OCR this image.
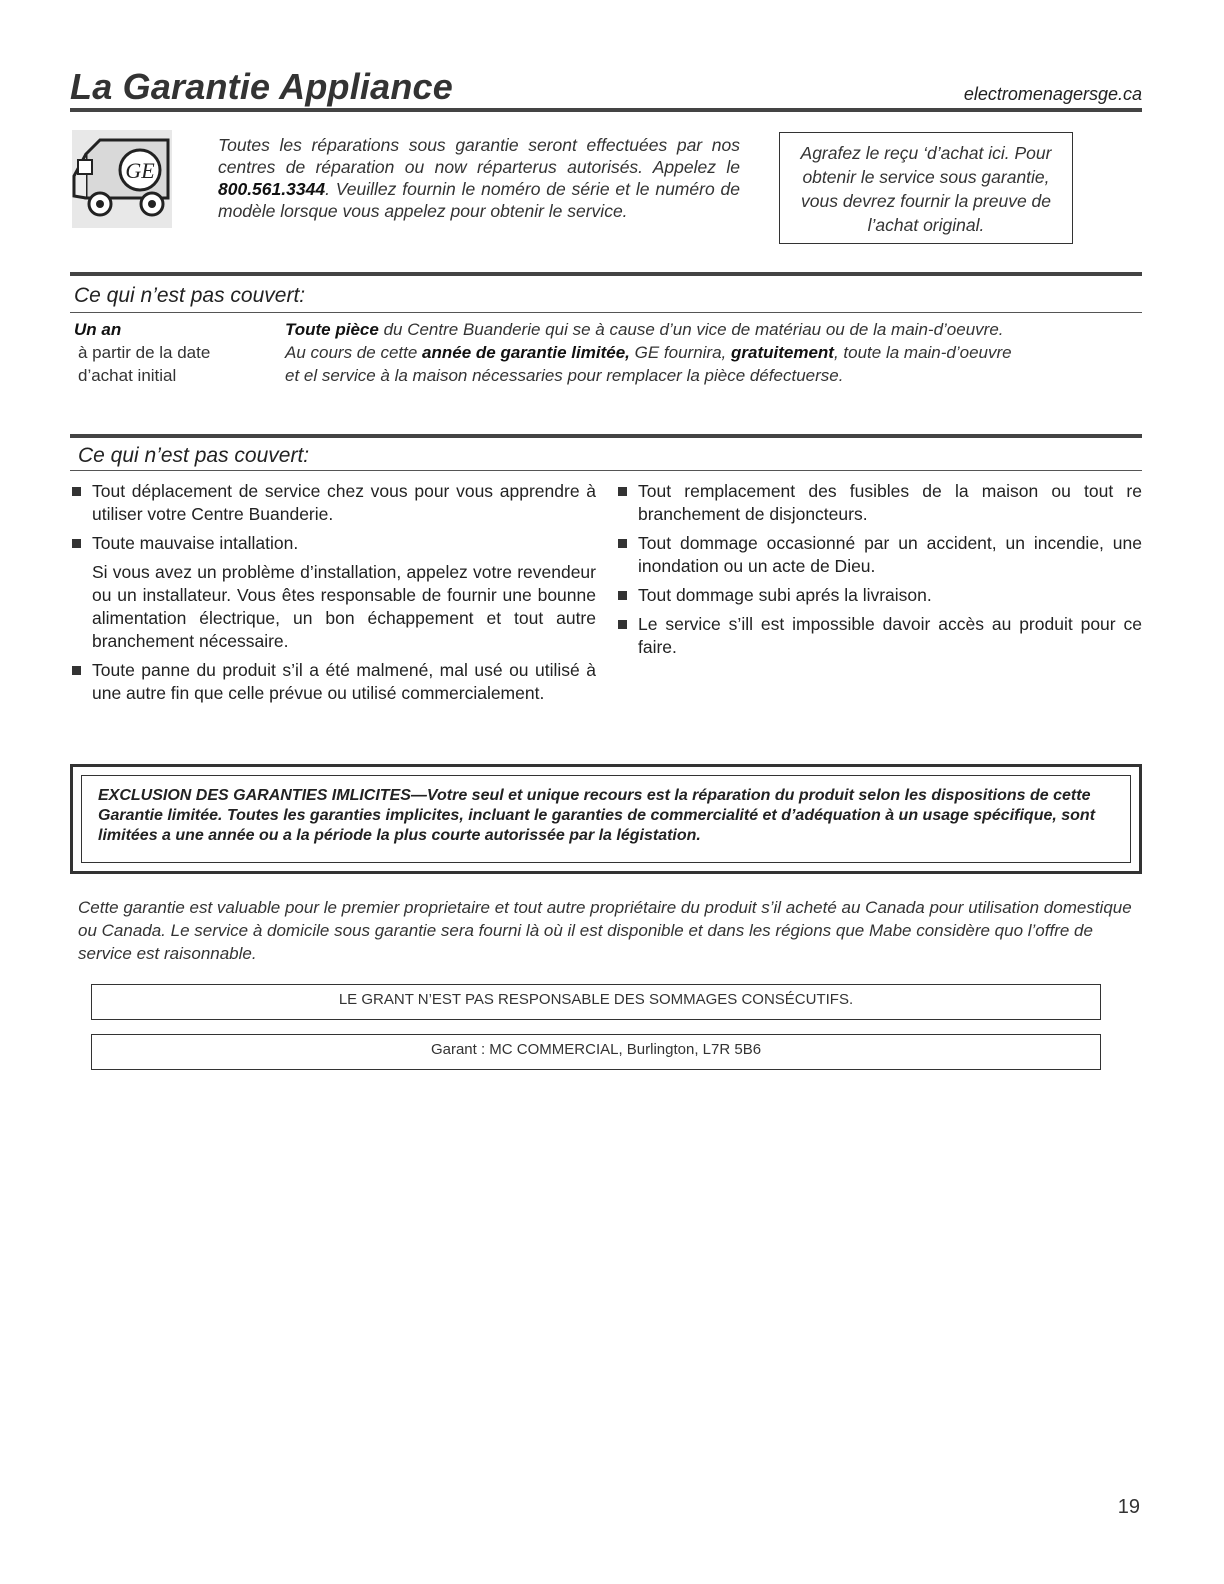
La Garantie Appliance	electromenagersge.ca
GE
Toutes les réparations sous garantie seront effectuées par nos centres de réparation ou now réparterus autorisés. Appelez le 800.561.3344. Veuillez fournin le noméro de série et le numéro de modèle lorsque vous appelez pour obtenir le service.
Agrafez le reçu ‘d’achat ici. Pour obtenir le service sous garantie, vous devrez fournir la preuve de l’achat original.
Ce qui n’est pas couvert:
Un an
à partir de la date
d’achat initial
Toute pièce du Centre Buanderie qui se à cause d’un vice de matériau ou de la main-d’oeuvre.
Au cours de cette année de garantie limitée, GE fournira, gratuitement, toute la main-d’oeuvre
et el service à la maison nécessaries pour remplacer la pièce défectuerse.
Ce qui n’est pas couvert:
Tout déplacement de service chez vous pour vous apprendre à utiliser votre Centre Buanderie.
Toute mauvaise intallation.
Si vous avez un problème d’installation, appelez votre revendeur ou un installateur. Vous êtes responsable de fournir une bounne alimentation électrique, un bon échappement et tout autre branchement nécessaire.
Toute panne du produit s’il a été malmené, mal usé ou utilisé à une autre fin que celle prévue ou utilisé commercialement.
Tout remplacement des fusibles de la maison ou tout re branchement de disjoncteurs.
Tout dommage occasionné par un accident, un incendie, une inondation ou un acte de Dieu.
Tout dommage subi aprés la livraison.
Le service s’ill est impossible davoir accès au produit pour ce faire.
EXCLUSION DES GARANTIES IMLICITES—Votre seul et unique recours est la réparation du produit selon les dispositions de cette Garantie limitée. Toutes les garanties implicites, incluant le garanties de commercialité et d’adéquation à un usage spécifique, sont limitées a une année ou a la période la plus courte autorissée par la légistation.
Cette garantie est valuable pour le premier proprietaire et tout autre propriétaire du produit s’il acheté au Canada pour utilisation domestique ou Canada. Le service à domicile sous garantie sera fourni là où il est disponible et dans les régions que Mabe considère quo l’offre de service est raisonnable.
LE GRANT N’EST PAS RESPONSABLE DES SOMMAGES CONSÉCUTIFS.
Garant : MC COMMERCIAL, Burlington, L7R 5B6
19
